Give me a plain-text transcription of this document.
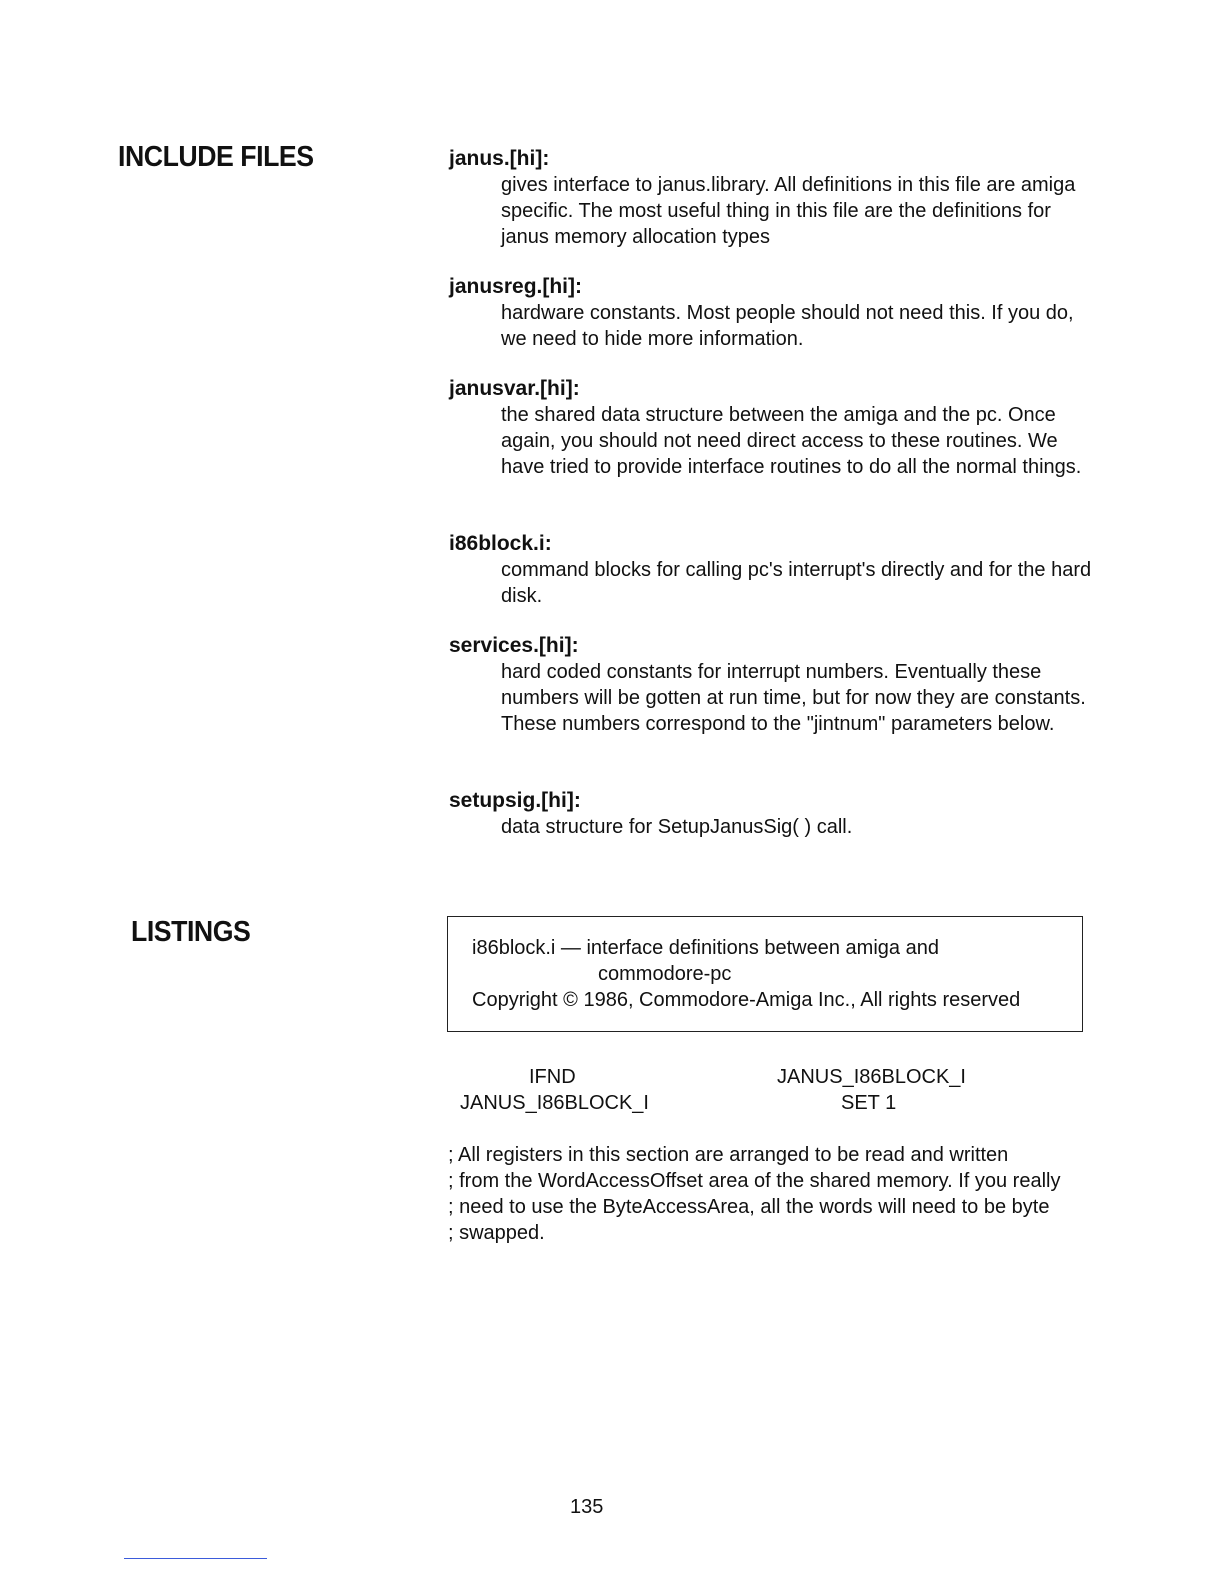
INCLUDE FILES
LISTINGS

janus.[hi]:

gives interface to janus.library. All definitions in this file are amiga specific. The most useful thing in this file are the definitions for janus memory allocation types

janusreg.[hi]:

hardware constants. Most people should not need this. If you do, we need to hide more information.

janusvar.[hi]:

the shared data structure between the amiga and the pc. Once again, you should not need direct access to these routines. We have tried to provide interface routines to do all the normal things.

i86block.i:

command blocks for calling pc's interrupt's directly and for the hard disk.

services.[hi]:

hard coded constants for interrupt numbers. Eventually these numbers will be gotten at run time, but for now they are constants. These numbers correspond to the "jintnum" parameters below.

setupsig.[hi]:

data structure for SetupJanusSig( ) call.

i86block.i — interface definitions between amiga and
commodore-pc
Copyright © 1986, Commodore-Amiga Inc., All rights reserved
IFND	JANUS_I86BLOCK_I
JANUS_I86BLOCK_I	SET 1

; All registers in this section are arranged to be read and written

; from the WordAccessOffset area of the shared memory. If you really

; need to use the ByteAccessArea, all the words will need to be byte

; swapped.

135
